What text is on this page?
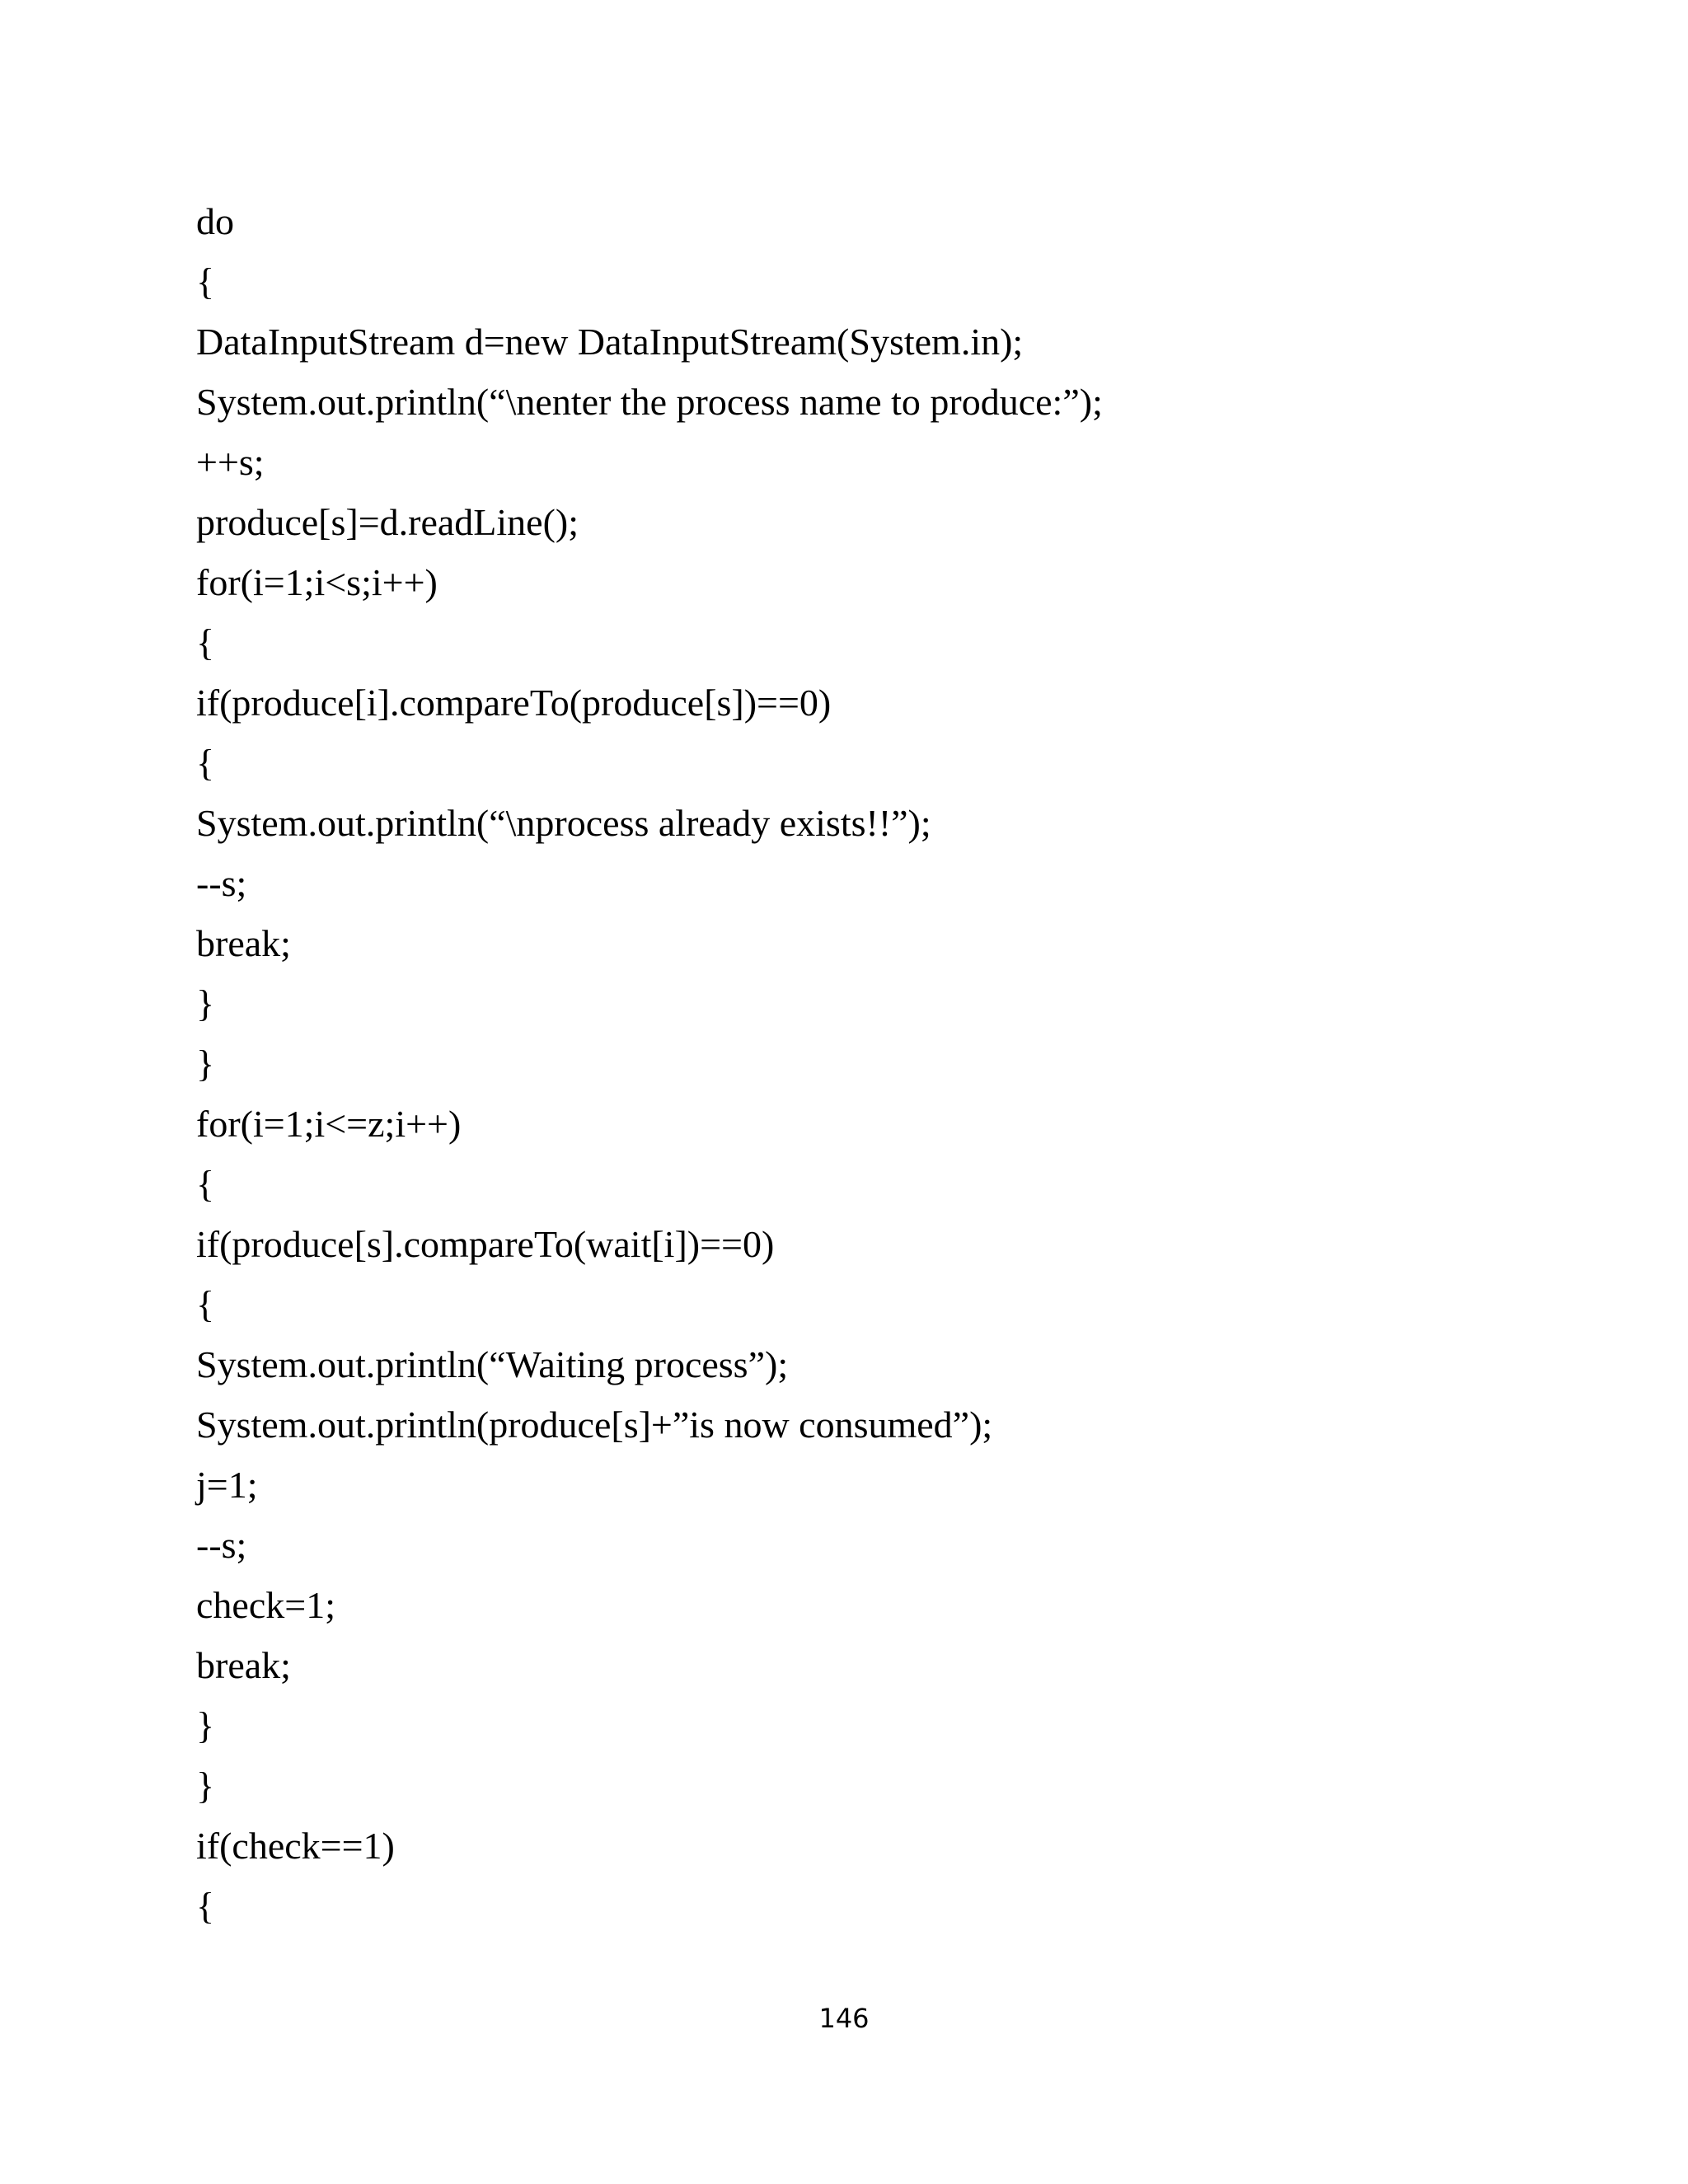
do
{
DataInputStream d=new DataInputStream(System.in);
System.out.println(“\nenter the process name to produce:”);
++s;
produce[s]=d.readLine();
for(i=1;i<s;i++)
{
if(produce[i].compareTo(produce[s])==0)
{
System.out.println(“\nprocess already exists!!”);
--s;
break;
}
}
for(i=1;i<=z;i++)
{
if(produce[s].compareTo(wait[i])==0)
{
System.out.println(“Waiting process”);
System.out.println(produce[s]+”is now consumed”);
j=1;
--s;
check=1;
break;
}
}
if(check==1)
{
146
